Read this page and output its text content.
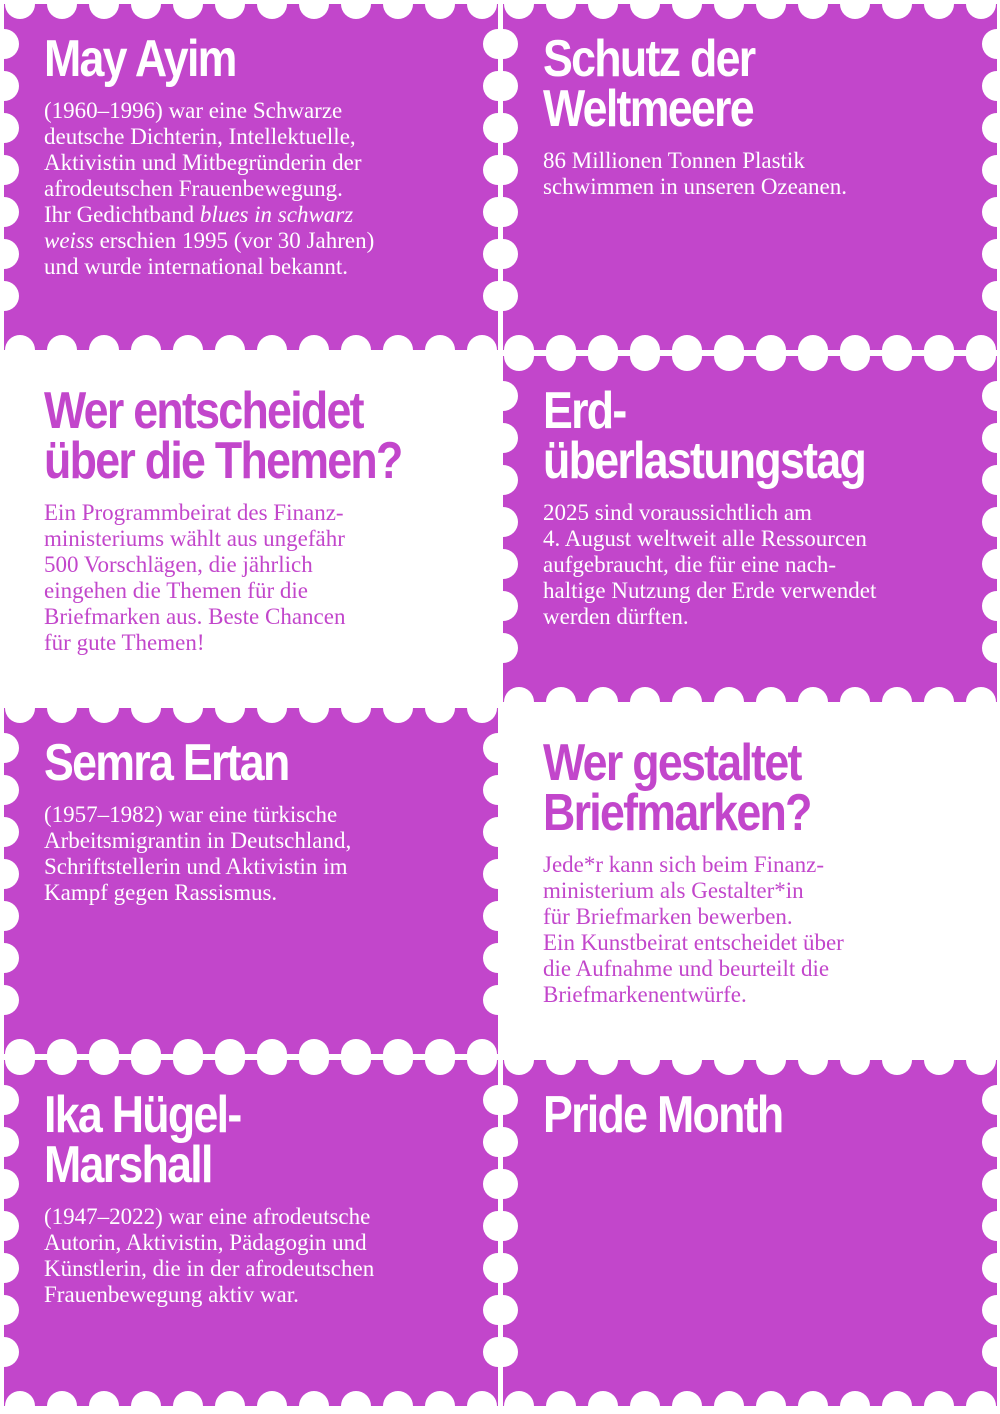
May Ayim

(1960–1996) war eine Schwarze
deutsche Dichterin, Intellektuelle,
Aktivistin und Mitbegründerin der
afrodeutschen Frauenbewegung.
Ihr Gedichtband blues in schwarz
weiss erschien 1995 (vor 30 Jahren)
und wurde international bekannt.

Schutz der
Weltmeere

86 Millionen Tonnen Plastik
schwimmen in unseren Ozeanen.

Wer entscheidet
über die Themen?

Ein Programmbeirat des Finanz-
ministeriums wählt aus ungefähr
500 Vorschlägen, die jährlich
eingehen die Themen für die
Briefmarken aus. Beste Chancen
für gute Themen!

Erd-
überlastungstag

2025 sind voraussichtlich am
4. August weltweit alle Ressourcen
aufgebraucht, die für eine nach-
haltige Nutzung der Erde verwendet
werden dürften.

Semra Ertan

(1957–1982) war eine türkische
Arbeitsmigrantin in Deutschland,
Schriftstellerin und Aktivistin im
Kampf gegen Rassismus.

Wer gestaltet
Briefmarken?

Jede*r kann sich beim Finanz-
ministerium als Gestalter*in
für Briefmarken bewerben.
Ein Kunstbeirat entscheidet über
die Aufnahme und beurteilt die
Briefmarkenentwürfe.

Ika Hügel-Marshall

(1947–2022) war eine afrodeutsche
Autorin, Aktivistin, Pädagogin und
Künstlerin, die in der afrodeutschen
Frauenbewegung aktiv war.

Pride Month
